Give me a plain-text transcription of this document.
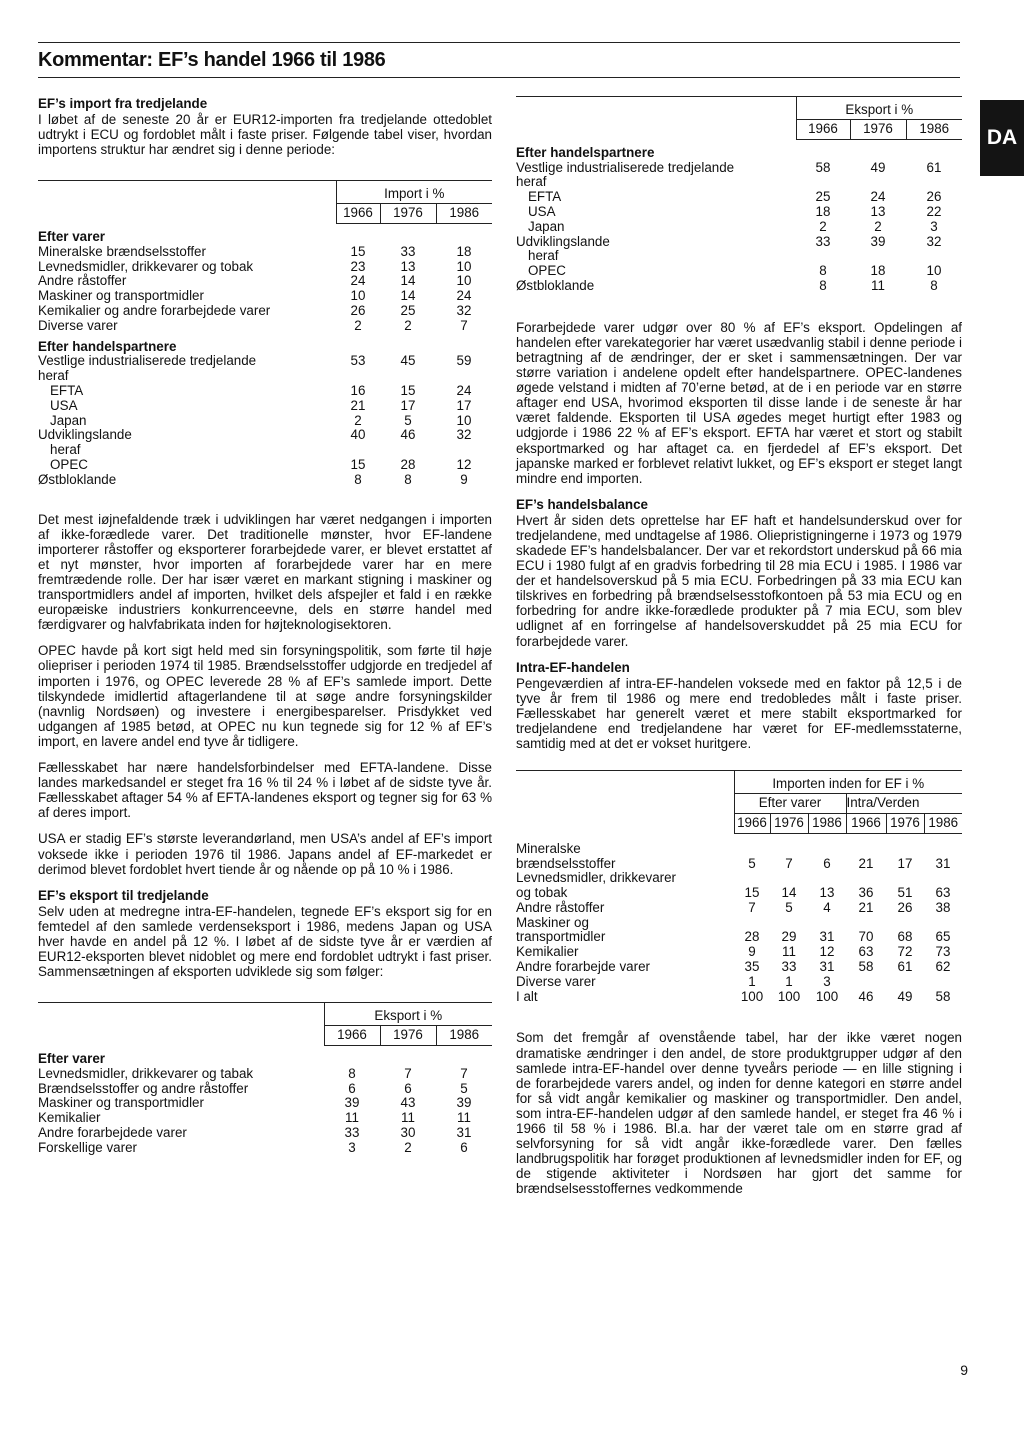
Kommentar: EF’s handel 1966 til 1986
DA
EF’s import fra tredjelande

I løbet af de seneste 20 år er EUR12-importen fra tredjelande ottedoblet udtrykt i ECU og fordoblet målt i faste priser. Følgende tabel viser, hvordan importens struktur har ændret sig i denne periode:

	Import i %		
	1966	1976	1986
Efter varer			
Mineralske brændselsstoffer	15	33	18
Levnedsmidler, drikkevarer og tobak	23	13	10
Andre råstoffer	24	14	10
Maskiner og transportmidler	10	14	24
Kemikalier og andre forarbejdede varer	26	25	32
Diverse varer	2	2	7
Efter handelspartnere			
Vestlige industrialiserede tredjelande	53	45	59
heraf			
EFTA	16	15	24
USA	21	17	17
Japan	2	5	10
Udviklingslande	40	46	32
heraf			
OPEC	15	28	12
Østbloklande	8	8	9

Det mest iøjnefaldende træk i udviklingen har været nedgangen i importen af ikke-forædlede varer. Det traditionelle mønster, hvor EF-landene importerer råstoffer og eksporterer forarbejdede varer, er blevet erstattet af et nyt mønster, hvor importen af forarbejdede varer har en mere fremtrædende rolle. Der har især været en markant stigning i maskiner og transportmidlers andel af importen, hvilket dels afspejler et fald i en række europæiske industriers konkurrenceevne, dels en større handel med færdigvarer og halvfabrikata inden for højteknologisektoren.

OPEC havde på kort sigt held med sin forsyningspolitik, som førte til høje oliepriser i perioden 1974 til 1985. Brændselsstoffer udgjorde en tredjedel af importen i 1976, og OPEC leverede 28 % af EF’s samlede import. Dette tilskyndede imidlertid aftagerlandene til at søge andre forsyningskilder (navnlig Nordsøen) og investere i energibesparelser. Prisdykket ved udgangen af 1985 betød, at OPEC nu kun tegnede sig for 12 % af EF’s import, en lavere andel end tyve år tidligere.

Fællesskabet har nære handelsforbindelser med EFTA-landene. Disse landes markedsandel er steget fra 16 % til 24 % i løbet af de sidste tyve år. Fællesskabet aftager 54 % af EFTA-landenes eksport og tegner sig for 63 % af deres import.

USA er stadig EF’s største leverandørland, men USA’s andel af EF’s import voksede ikke i perioden 1976 til 1986. Japans andel af EF-markedet er derimod blevet fordoblet hvert tiende år og nående op på 10 % i 1986.

EF’s eksport til tredjelande

Selv uden at medregne intra-EF-handelen, tegnede EF’s eksport sig for en femtedel af den samlede verdenseksport i 1986, medens Japan og USA hver havde en andel på 12 %. I løbet af de sidste tyve år er værdien af EUR12-eksporten blevet nidoblet og mere end fordoblet udtrykt i fast priser. Sammensætningen af eksporten udviklede sig som følger:

	Eksport i %		
	1966	1976	1986
Efter varer			
Levnedsmidler, drikkevarer og tabak	8	7	7
Brændselsstoffer og andre råstoffer	6	6	5
Maskiner og transportmidler	39	43	39
Kemikalier	11	11	11
Andre forarbejdede varer	33	30	31
Forskellige varer	3	2	6
	Eksport i %		
	1966	1976	1986
Efter handelspartnere			
Vestlige industrialiserede tredjelande	58	49	61
heraf			
EFTA	25	24	26
USA	18	13	22
Japan	2	2	3
Udviklingslande	33	39	32
heraf			
OPEC	8	18	10
Østbloklande	8	11	8

Forarbejdede varer udgør over 80 % af EF’s eksport. Opdelingen af handelen efter varekategorier har været usædvanlig stabil i denne periode i betragtning af de ændringer, der er sket i sammensætningen. Der var større variation i andelene opdelt efter handelspartnere. OPEC-landenes øgede velstand i midten af 70’erne betød, at de i en periode var en større aftager end USA, hvorimod eksporten til disse lande i de seneste år har været faldende. Eksporten til USA øgedes meget hurtigt efter 1983 og udgjorde i 1986 22 % af EF’s eksport. EFTA har været et stort og stabilt eksportmarked og har aftaget ca. en fjerdedel af EF’s eksport. Det japanske marked er forblevet relativt lukket, og EF’s eksport er steget langt mindre end importen.

EF’s handelsbalance

Hvert år siden dets oprettelse har EF haft et handelsunderskud over for tredjelandene, med undtagelse af 1986. Oliepristigningerne i 1973 og 1979 skadede EF’s handelsbalancer. Der var et rekordstort underskud på 66 mia ECU i 1980 fulgt af en gradvis forbedring til 28 mia ECU i 1985. I 1986 var der et handelsoverskud på 5 mia ECU. Forbedringen på 33 mia ECU kan tilskrives en forbedring på brændselsesstofkontoen på 53 mia ECU og en forbedring for andre ikke-forædlede produkter på 7 mia ECU, som blev udlignet af en forringelse af handelsoverskuddet på 25 mia ECU for forarbejdede varer.

Intra-EF-handelen

Pengeværdien af intra-EF-handelen voksede med en faktor på 12,5 i de tyve år frem til 1986 og mere end tredobledes målt i faste priser. Fællesskabet har generelt været et mere stabilt eksportmarked for tredjelandene end tredjelandene har været for EF-medlemsstaterne, samtidig med at det er vokset huritgere.

	Importen inden for EF i %					
	Efter varer			Intra/Verden		
	1966	1976	1986	1966	1976	1986

Mineralske						
brændselsstoffer	5	7	6	21	17	31
Levnedsmidler, drikkevarer						
og tobak	15	14	13	36	51	63
Andre råstoffer	7	5	4	21	26	38
Maskiner og						
transportmidler	28	29	31	70	68	65
Kemikalier	9	11	12	63	72	73
Andre forarbejde varer	35	33	31	58	61	62
Diverse varer	1	1	3			
I alt	100	100	100	46	49	58

Som det fremgår af ovenstående tabel, har der ikke været nogen dramatiske ændringer i den andel, de store produktgrupper udgør af den samlede intra-EF-handel over denne tyveårs periode — en lille stigning i de forarbejdede varers andel, og inden for denne kategori en større andel for så vidt angår kemikalier og maskiner og transportmidler. Den andel, som intra-EF-handelen udgør af den samlede handel, er steget fra 46 % i 1966 til 58 % i 1986. Bl.a. har der været tale om en større grad af selvforsyning for så vidt angår ikke-forædlede varer. Den fælles landbrugspolitik har forøget produktionen af levnedsmidler inden for EF, og de stigende aktiviteter i Nordsøen har gjort det samme for brændselsesstoffernes vedkommende

9
